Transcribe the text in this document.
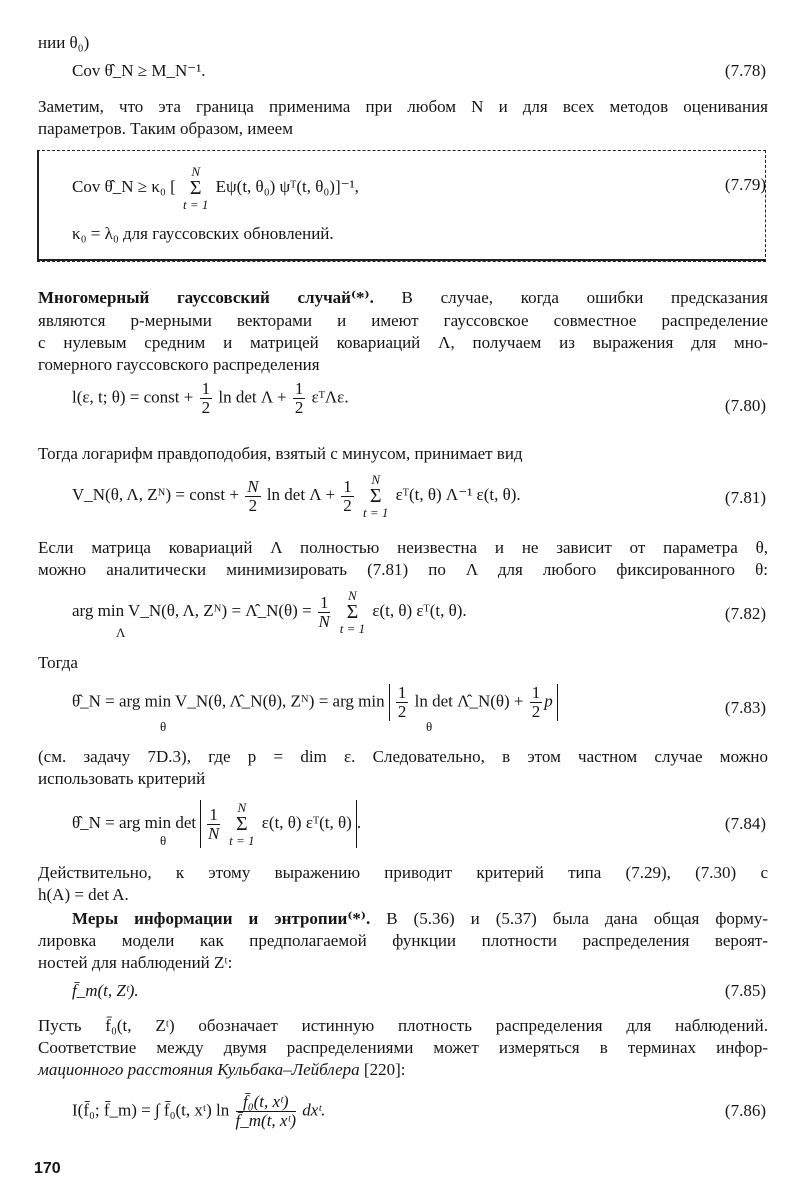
нии θ₀)
Cov θ̂_N ≥ M_N⁻¹.	(7.78)
Заметим, что эта граница применима при любом N и для всех методов оценивания
параметров. Таким образом, имеем
Cov θ̂_N ≥ κ₀ [
N
Σ
t = 1
Eψ(t, θ₀) ψᵀ(t, θ₀)]⁻¹,	(7.79)
κ₀ = λ₀ для гауссовских обновлений.
Многомерный гауссовский случай⁽*⁾. В случае, когда ошибки предсказания
являются p-мерными векторами и имеют гауссовское совместное распределение
с нулевым средним и матрицей ковариаций Λ, получаем из выражения для мно-
гомерного гауссовского распределения
l(ε, t; θ) = const + $\frac{1}{2}$ $\ln \det \Lambda + \frac{1}{2}$ εᵀΛε.	(7.80)
Тогда логарифм правдоподобия, взятый с минусом, принимает вид
V_N(θ, Λ, Zᴺ) = const + $\frac{N}{2}$ $\ln \det \Lambda + \frac{1}{2}$
	N
Σ
t = 1
εᵀ(t, θ) Λ⁻¹ ε(t, θ).	(7.81)
Если матрица ковариаций Λ полностью неизвестна и не зависит от параметра θ,
можно аналитически минимизировать (7.81) по Λ для любого фиксированного θ:
arg min V_N(θ, Λ, Zᴺ) = Λ̂_N(θ) = $\frac{1}{N}$
	N
Σ
t = 1
ε(t, θ) εᵀ(t, θ).
Λ
(7.82)
Тогда
θ̂_N = arg min V_N(θ, Λ̂_N(θ), Zᴺ) = arg $\min \frac{1}{2}$ ln det Λ̂_N(θ) + $\frac{1}{2}$ p
θ	θ
(7.83)
(см. задачу 7D.3), где p = dim ε. Следовательно, в этом частном случае можно
использовать критерий
θ̂_N = arg $\min \det \frac{1}{N}$
	N
Σ
t = 1
ε(t, θ) εᵀ(t, θ) .
θ
(7.84)
Действительно, к этому выражению приводит критерий типа (7.29), (7.30) с
h(A) = det A.
Меры информации и энтропии⁽*⁾. В (5.36) и (5.37) была дана общая форму-
лировка модели как предполагаемой функции плотности распределения вероят-
ностей для наблюдений Zᵗ:
f̄_m(t, Zᵗ).	(7.85)
Пусть f̄₀(t, Zᵗ) обозначает истинную плотность распределения для наблюдений.
Соответствие между двумя распределениями может измеряться в терминах инфор-
мационного расстояния Кульбака–Лейблера [220]:
I(f̄₀; f̄_m) = ∫ f̄₀(t, xᵗ) $\ln \frac{\text{f̄₀(t, xᵗ)}}{\text{f̄\_m(t, xᵗ)}}$ dxᵗ.	(7.86)
170
